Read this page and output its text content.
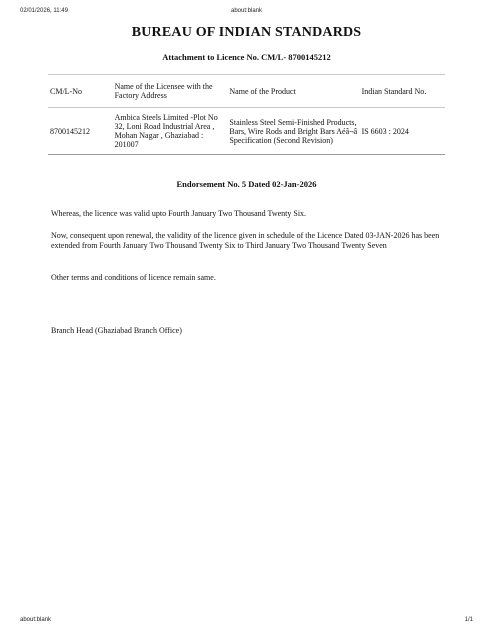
about:blank
02/01/2026, 11:49
BUREAU OF INDIAN STANDARDS
Attachment to Licence No. CM/L- 8700145212
CM/L-No	Name of the Licensee with the Factory Address	Name of the Product	Indian Standard No.
8700145212	Ambica Steels Limited -Plot No 32, Loni Road Industrial Area , Mohan Nagar , Ghaziabad : 201007	Stainless Steel Semi-Finished Products, Bars, Wire Rods and Bright Bars Aéâ¬â Specification (Second Revision)	IS 6603 : 2024
Endorsement No. 5 Dated 02-Jan-2026
Whereas, the licence was valid upto Fourth January Two Thousand Twenty Six.
Now, consequent upon renewal, the validity of the licence given in schedule of the Licence Dated 03-JAN-2026 has been extended from Fourth January Two Thousand Twenty Six to Third January Two Thousand Twenty Seven
Other terms and conditions of licence remain same.
Branch Head (Ghaziabad Branch Office)
about:blank	1/1
